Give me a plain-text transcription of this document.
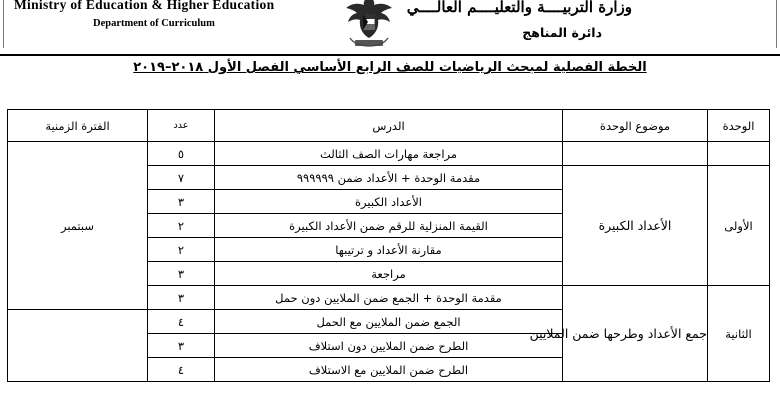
Ministry of Education & Higher Education
Department of Curriculum
وزارة التربيــــة والتعليــــم العالــــي
دائرة المناهج
الخطة الفصلية لمبحث الرياضيات للصف الرابع الأساسي الفصل الأول ٢٠١٨–٢٠١٩
الوحدة	موضوع الوحدة	الدرس	عدد	الفترة الزمنية
		مراجعة مهارات الصف الثالث	٥	سبتمبر
الأولى	الأعداد الكبيرة	مقدمة الوحدة + الأعداد ضمن ٩٩٩٩٩٩	٧	
		الأعداد الكبيرة	٣	
		القيمة المنزلية للرقم ضمن الأعداد الكبيرة	٢	
		مقارنة الأعداد و ترتيبها	٢	
		مراجعة	٣	
الثانية	جمع الأعداد وطرحها ضمن الملايين	مقدمة الوحدة + الجمع ضمن الملايين دون حمل	٣	
		الجمع ضمن الملايين مع الحمل	٤	
		الطرح ضمن الملايين دون استلاف	٣	
		الطرح ضمن الملايين مع الاستلاف	٤	
